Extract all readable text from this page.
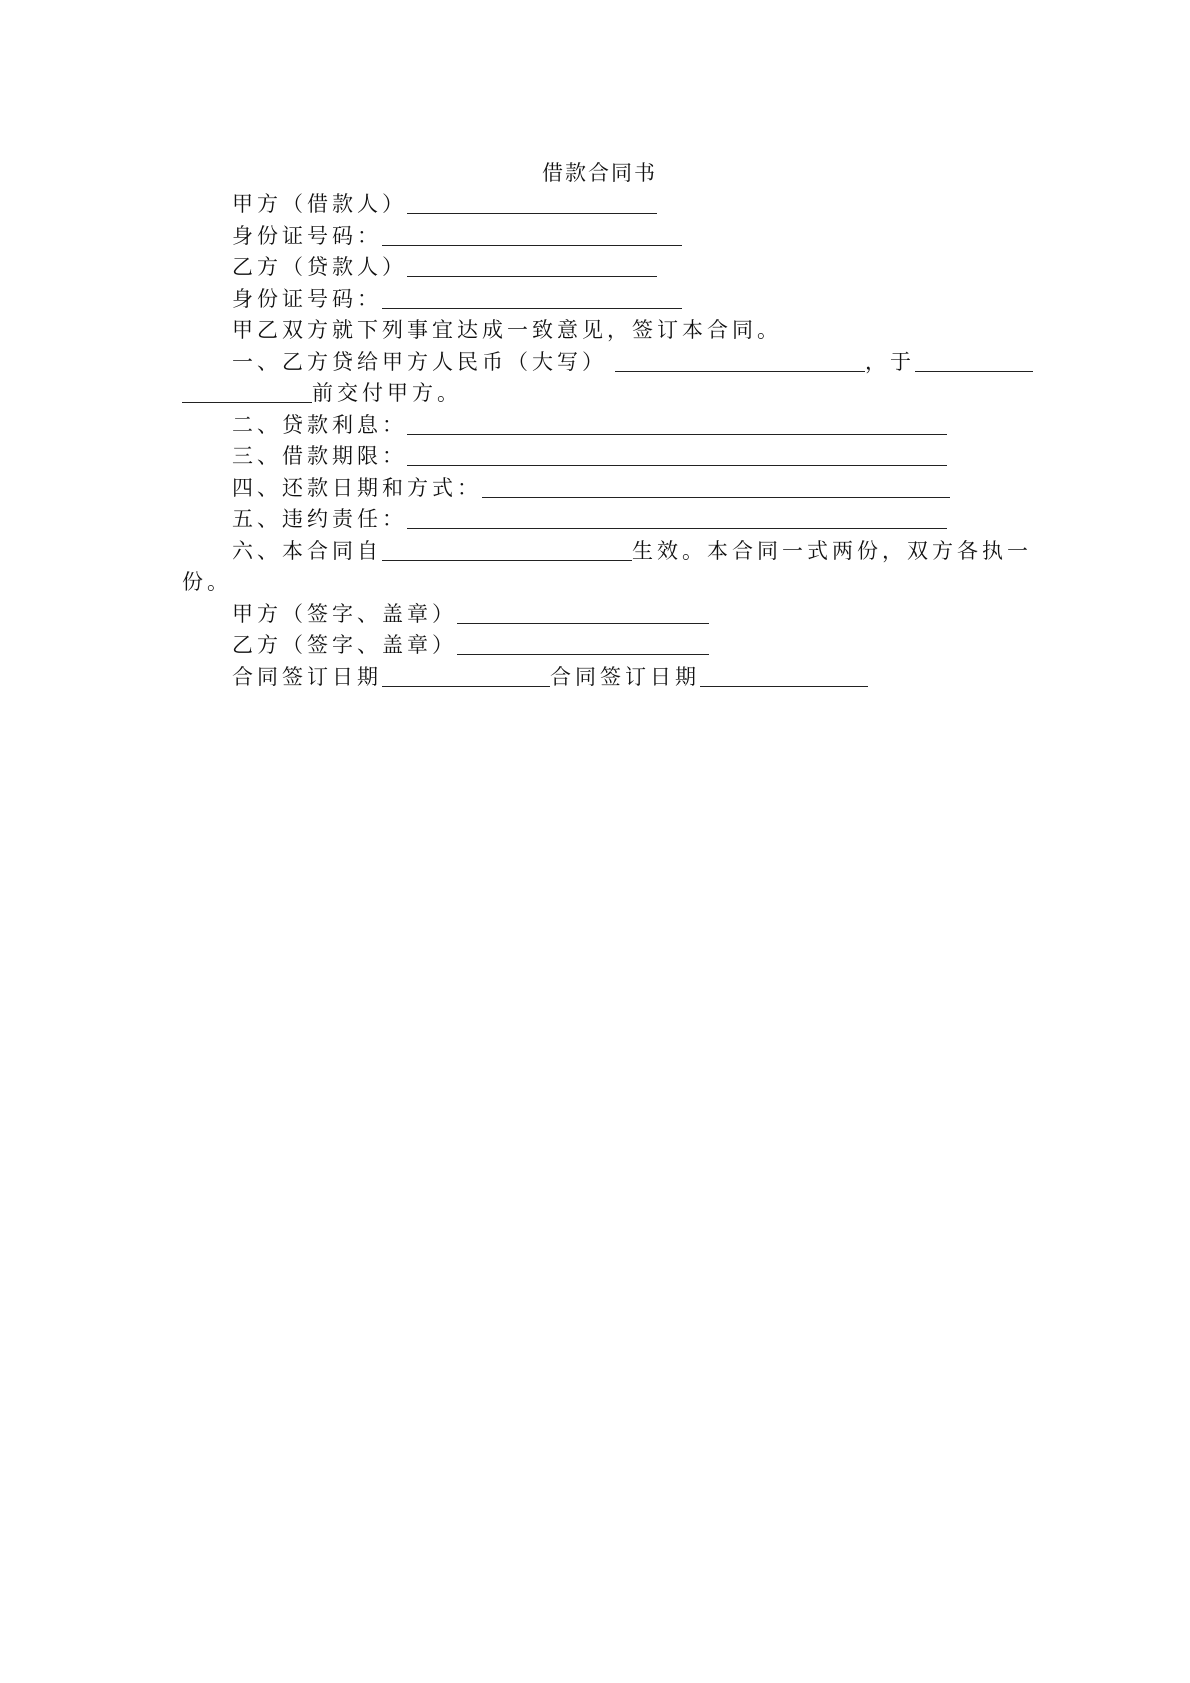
借款合同书
甲方（借款人）
身份证号码：
乙方（贷款人）
身份证号码：
甲乙双方就下列事宜达成一致意见，签订本合同。
一、乙方贷给甲方人民币（大写）	，于
前交付甲方。
二、贷款利息：
三、借款期限：
四、还款日期和方式：
五、违约责任：
六、本合同自	生效。本合同一式两份，双方各执一
份。
甲方（签字、盖章）
乙方（签字、盖章）
合同签订日期	合同签订日期
